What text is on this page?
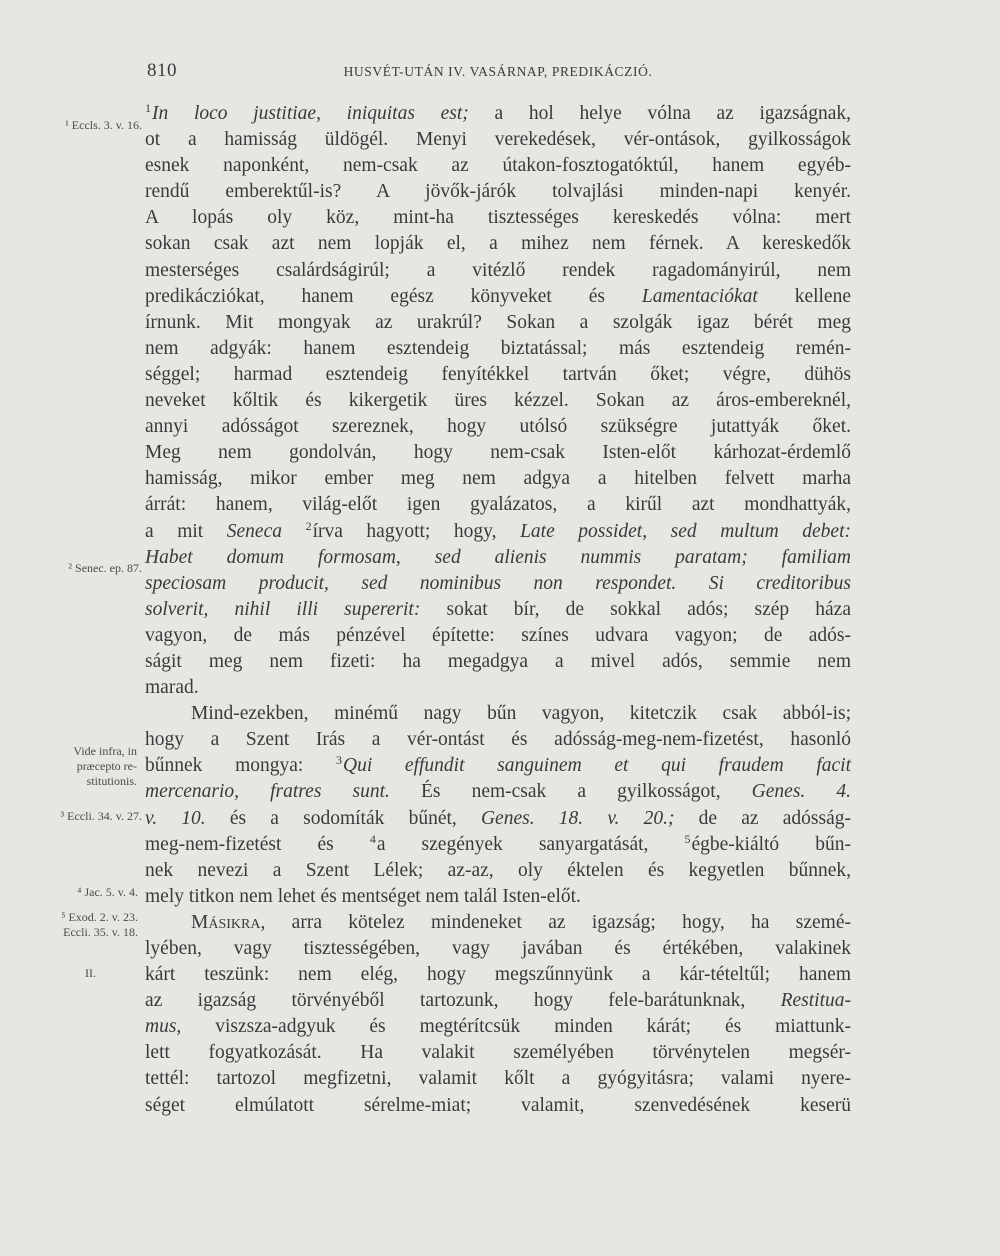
810	HUSVÉT-UTÁN IV. VASÁRNAP, PREDIKÁCZIÓ.
¹ Eccls. 3. v. 16.
² Senec. ep. 87.
Vide infra, in
præcepto re-
stitutionis.
³ Eccli. 34. v. 27.
⁴ Jac. 5. v. 4.
⁵ Exod. 2. v. 23.
Eccli. 35. v. 18.
II.
$^1$In loco justitiae, iniquitas est; a hol helye vólna az igazságnak,
ot a hamisság üldögél. Menyi verekedések, vér-ontások, gyilkosságok
esnek naponként, nem-csak az útakon-fosztogatóktúl, hanem egyéb-
rendű emberektűl-is? A jövők-járók tolvajlási minden-napi kenyér.
A lopás oly köz, mint-ha tisztességes kereskedés vólna: mert
sokan csak azt nem lopják el, a mihez nem férnek. A kereskedők
mesterséges csalárdságirúl; a vitézlő rendek ragadományirúl, nem
predikácziókat, hanem egész könyveket és Lamentaciókat kellene
írnunk. Mit mongyak az urakrúl? Sokan a szolgák igaz bérét meg
nem adgyák: hanem esztendeig biztatással; más esztendeig remén-
séggel; harmad esztendeig fenyítékkel tartván őket; végre, dühös
neveket kőltik és kikergetik üres kézzel. Sokan az áros-embereknél,
annyi adósságot szereznek, hogy utólsó szükségre jutattyák őket.
Meg nem gondolván, hogy nem-csak Isten-előt kárhozat-érdemlő
hamisság, mikor ember meg nem adgya a hitelben felvett marha
árrát: hanem, világ-előt igen gyalázatos, a kirűl azt mondhattyák,
a mit Seneca $^2$írva hagyott; hogy, Late possidet, sed multum debet:
Habet domum formosam, sed alienis nummis paratam; familiam
speciosam producit, sed nominibus non respondet. Si creditoribus
solverit, nihil illi supererit: sokat bír, de sokkal adós; szép háza
vagyon, de más pénzével építette: színes udvara vagyon; de adós-
ságit meg nem fizeti: ha megadgya a mivel adós, semmie nem
marad.
Mind-ezekben, minémű nagy bűn vagyon, kitetczik csak abból-is;
hogy a Szent Irás a vér-ontást és adósság-meg-nem-fizetést, hasonló
bűnnek mongya: $^3$Qui effundit sanguinem et qui fraudem facit
mercenario, fratres sunt. És nem-csak a gyilkosságot, Genes. 4.
v. 10. és a sodomíták bűnét, Genes. 18. v. 20.; de az adósság-
meg-nem-fizetést és $^4$a szegények sanyargatását, $^5$égbe-kiáltó bűn-
nek nevezi a Szent Lélek; az-az, oly éktelen és kegyetlen bűnnek,
mely titkon nem lehet és mentséget nem talál Isten-előt.
Másikra, arra kötelez mindeneket az igazság; hogy, ha szemé-
lyében, vagy tisztességében, vagy javában és értékében, valakinek
kárt teszünk: nem elég, hogy megszűnnyünk a kár-tételtűl; hanem
az igazság törvényéből tartozunk, hogy fele-barátunknak, Restitua-
mus, viszsza-adgyuk és megtérítcsük minden kárát; és miattunk-
lett fogyatkozását. Ha valakit személyében törvénytelen megsér-
tettél: tartozol megfizetni, valamit kőlt a gyógyitásra; valami nyere-
séget elmúlatott sérelme-miat; valamit, szenvedésének keserü
